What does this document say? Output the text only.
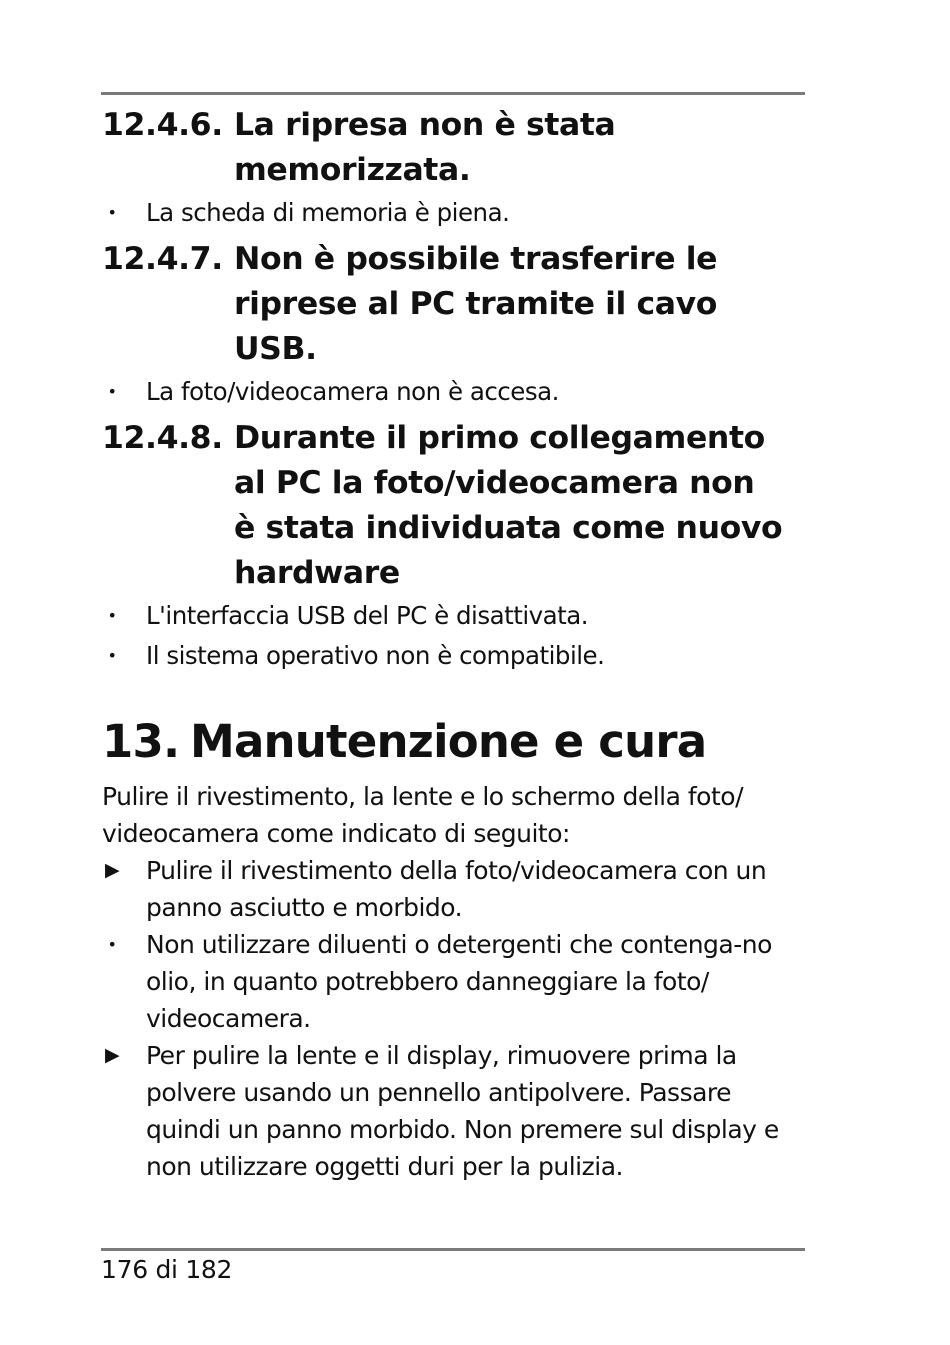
12.4.6. La ripresa non è stata
memorizzata.
• La scheda di memoria è piena.
12.4.7. Non è possibile trasferire le
riprese al PC tramite il cavo USB.
• La foto/videocamera non è accesa.
12.4.8. Durante il primo collegamento
al PC la foto/videocamera non
è stata individuata come nuovo
hardware
• L'interfaccia USB del PC è disattivata.
• Il sistema operativo non è compatibile.
13. Manutenzione e cura

Pulire il rivestimento, la lente e lo schermo della foto/ videocamera come indicato di seguito:

▶ Pulire il rivestimento della foto/videocamera con un panno asciutto e morbido.
• Non utilizzare diluenti o detergenti che contenga-no olio, in quanto potrebbero danneggiare la foto/ videocamera.
▶ Per pulire la lente e il display, rimuovere prima la polvere usando un pennello antipolvere. Passare quindi un panno morbido. Non premere sul display e non utilizzare oggetti duri per la pulizia.
176 di 182
